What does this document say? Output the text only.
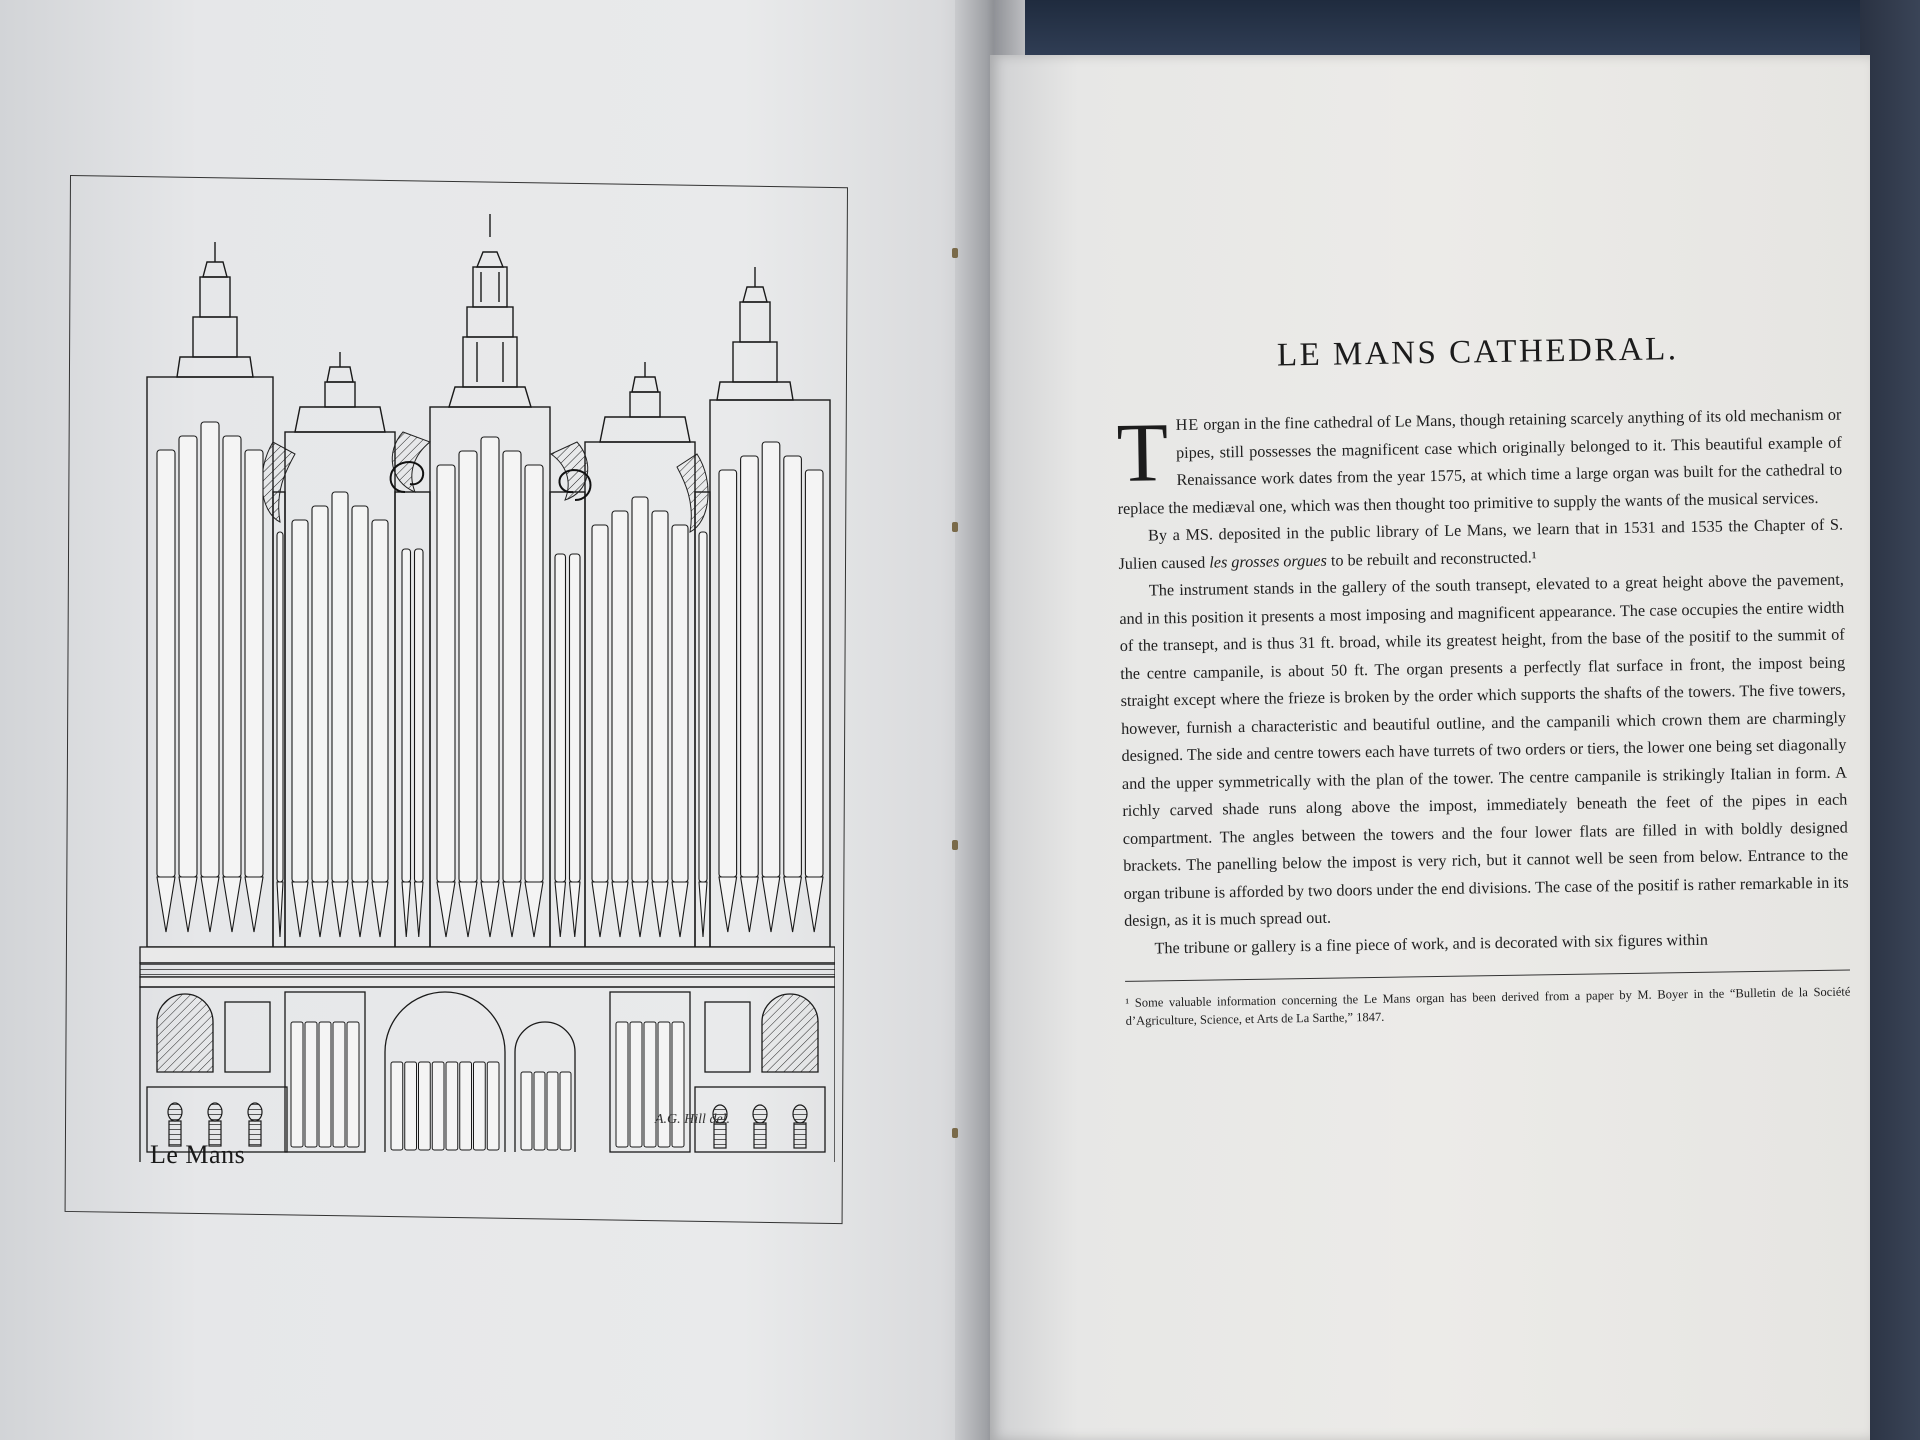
Le Mans
A.G. Hill del.
LE MANS CATHEDRAL.

THE organ in the fine cathedral of Le Mans, though retaining scarcely anything of its old mechanism or pipes, still possesses the magnificent case which originally belonged to it. This beautiful example of Renaissance work dates from the year 1575, at which time a large organ was built for the cathedral to replace the mediæval one, which was then thought too primitive to supply the wants of the musical services.

By a MS. deposited in the public library of Le Mans, we learn that in 1531 and 1535 the Chapter of S. Julien caused les grosses orgues to be rebuilt and reconstructed.¹

The instrument stands in the gallery of the south transept, elevated to a great height above the pavement, and in this position it presents a most imposing and magnificent appearance. The case occupies the entire width of the transept, and is thus 31 ft. broad, while its greatest height, from the base of the positif to the summit of the centre campanile, is about 50 ft. The organ presents a perfectly flat surface in front, the impost being straight except where the frieze is broken by the order which supports the shafts of the towers. The five towers, however, furnish a characteristic and beautiful outline, and the campanili which crown them are charmingly designed. The side and centre towers each have turrets of two orders or tiers, the lower one being set diagonally and the upper symmetrically with the plan of the tower. The centre campanile is strikingly Italian in form. A richly carved shade runs along above the impost, immediately beneath the feet of the pipes in each compartment. The angles between the towers and the four lower flats are filled in with boldly designed brackets. The panelling below the impost is very rich, but it cannot well be seen from below. Entrance to the organ tribune is afforded by two doors under the end divisions. The case of the positif is rather remarkable in its design, as it is much spread out.

The tribune or gallery is a fine piece of work, and is decorated with six figures within

¹ Some valuable information concerning the Le Mans organ has been derived from a paper by M. Boyer in the “Bulletin de la Société d’Agriculture, Science, et Arts de La Sarthe,” 1847.
